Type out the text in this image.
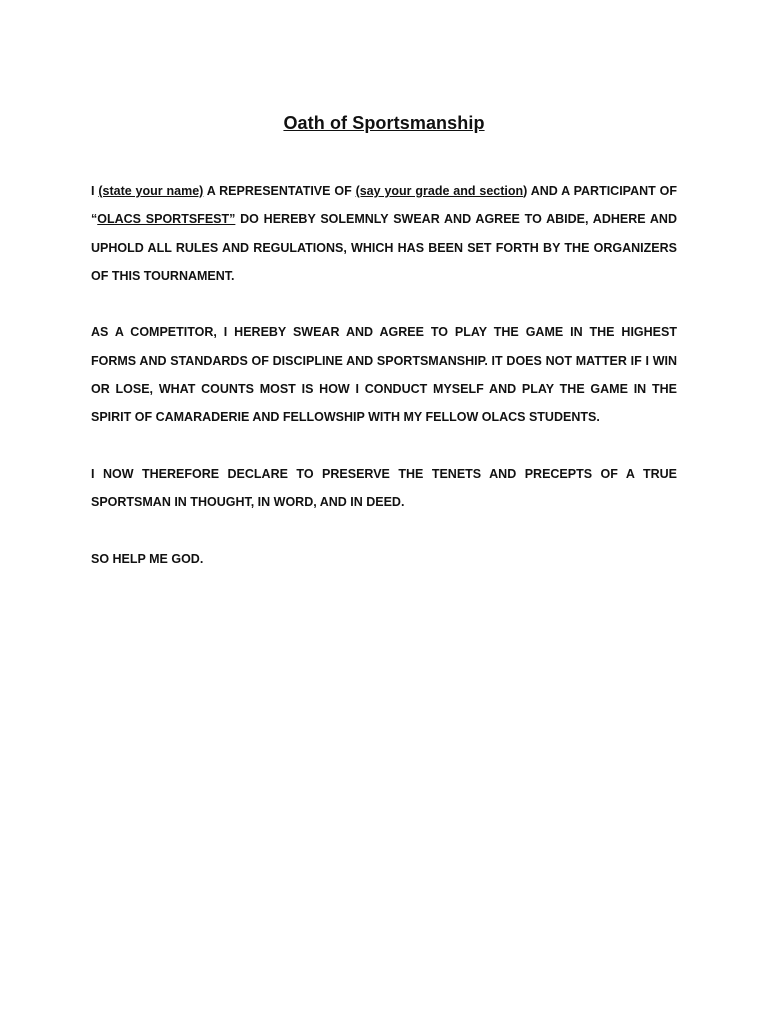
Oath of Sportsmanship

I (state your name) A REPRESENTATIVE OF (say your grade and section) AND A PARTICIPANT OF “OLACS SPORTSFEST” DO HEREBY SOLEMNLY SWEAR AND AGREE TO ABIDE, ADHERE AND UPHOLD ALL RULES AND REGULATIONS, WHICH HAS BEEN SET FORTH BY THE ORGANIZERS OF THIS TOURNAMENT.

AS A COMPETITOR, I HEREBY SWEAR AND AGREE TO PLAY THE GAME IN THE HIGHEST FORMS AND STANDARDS OF DISCIPLINE AND SPORTSMANSHIP. IT DOES NOT MATTER IF I WIN OR LOSE, WHAT COUNTS MOST IS HOW I CONDUCT MYSELF AND PLAY THE GAME IN THE SPIRIT OF CAMARADERIE AND FELLOWSHIP WITH MY FELLOW OLACS STUDENTS.

I NOW THEREFORE DECLARE TO PRESERVE THE TENETS AND PRECEPTS OF A TRUE SPORTSMAN IN THOUGHT, IN WORD, AND IN DEED.

SO HELP ME GOD.
